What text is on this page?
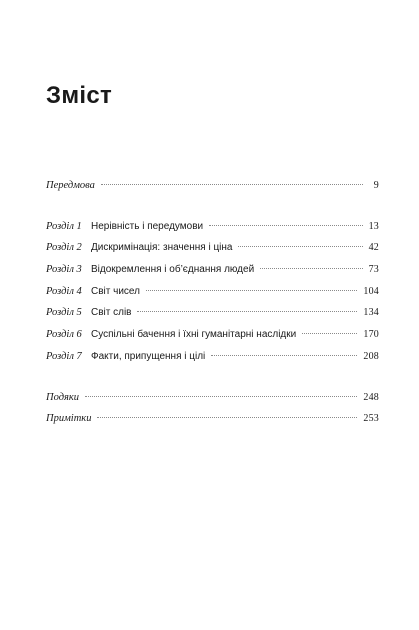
Зміст
Передмова	9
Розділ 1 Нерівність і передумови	13
Розділ 2 Дискримінація: значення і ціна	42
Розділ 3 Відокремлення і об’єднання людей	73
Розділ 4 Світ чисел	104
Розділ 5 Світ слів	134
Розділ 6 Суспільні бачення і їхні гуманітарні наслідки	170
Розділ 7 Факти, припущення і цілі	208
Подяки	248
Примітки	253
